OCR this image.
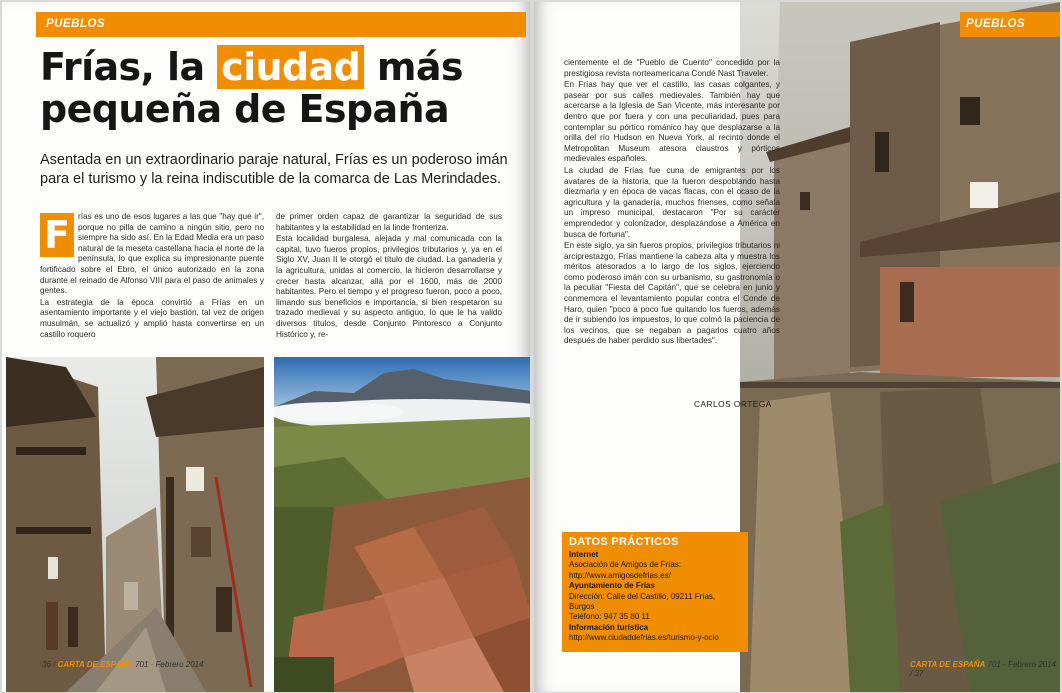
PUEBLOS
Frías, la ciudad más
pequeña de España

Asentada en un extraordinario paraje natural, Frías es un poderoso imán para el turismo y la reina indiscutible de la comarca de Las Merindades.

F rías es uno de esos lugares a las que "hay que ir", porque no pilla de camino a ningún sitio, pero no siempre ha sido así. En la Edad Media era un paso natural de la meseta castellana hacia el norte de la península, lo que explica su impresionante puente fortificado sobre el Ebro, el único autorizado en la zona durante el reinado de Alfonso VIII para el paso de animales y gentes.

La estrategia de la época convirtió a Frías en un asentamiento importante y el viejo bastión, tal vez de origen musulmán, se actualizó y amplió hasta convertirse en un castillo roquero

de primer orden capaz de garantizar la seguridad de sus habitantes y la estabilidad en la linde fronteriza.

Esta localidad burgalesa, alejada y mal comunicada con la capital, tuvo fueros propios, privilegios tributarios y, ya en el Siglo XV, Juan II le otorgó el título de ciudad. La ganadería y la agricultura, unidas al comercio, la hicieron desarrollarse y crecer hasta alcanzar, allá por el 1600, más de 2000 habitantes. Pero el tiempo y el progreso fueron, poco a poco, limando sus beneficios e importancia, si bien respetaron su trazado medieval y su aspecto antiguo, lo que le ha valido diversos títulos, desde Conjunto Pintoresco a Conjunto Histórico y, re-

36 / CARTA DE ESPAÑA 701 · Febrero 2014
PUEBLOS

cientemente el de "Pueblo de Cuento" concedido por la prestigiosa revista norteamericana Condé Nast Traveler.

En Frías hay que ver el castillo, las casas colgantes, y pasear por sus calles medievales. También hay que acercarse a la Iglesia de San Vicente, más interesante por dentro que por fuera y con una peculiaridad, pues para contemplar su pórtico románico hay que desplazarse a la orilla del río Hudson en Nueva York, al recinto donde el Metropolitan Museum atesora claustros y pórticos medievales españoles.

La ciudad de Frías fue cuna de emigrantes por los avatares de la historia, que la fueron despoblando hasta diezmarla y en época de vacas flacas, con el ocaso de la agricultura y la ganadería, muchos frienses, como señala un impreso municipal, destacaron "Por su carácter emprendedor y colonizador, desplazándose a América en busca de fortuna".

En este siglo, ya sin fueros propios, privilegios tributarios ni arciprestazgo, Frías mantiene la cabeza alta y muestra los méritos atesorados a lo largo de los siglos, ejerciendo como poderoso imán con su urbanismo, su gastronomía o la peculiar "Fiesta del Capitán", que se celebra en junio y conmemora el levantamiento popular contra el Conde de Haro, quien "poco a poco fue quitando los fueros, además de ir subiendo los impuestos, lo que colmó la paciencia de los vecinos, que se negaban a pagarlos cuatro años después de haber perdido sus libertades".

CARLOS ORTEGA
DATOS PRÁCTICOS
Internet
Asociación de Amigos de Frías:
http://www.amigosdefrias.es/
Ayuntamiento de Frías
Dirección: Calle del Castillo, 09211 Frías, Burgos
Teléfono: 947 35 80 11
Información turística
http://www.ciudaddefrias.es/turismo-y-ocio
CARTA DE ESPAÑA 701 · Febrero 2014 / 37
